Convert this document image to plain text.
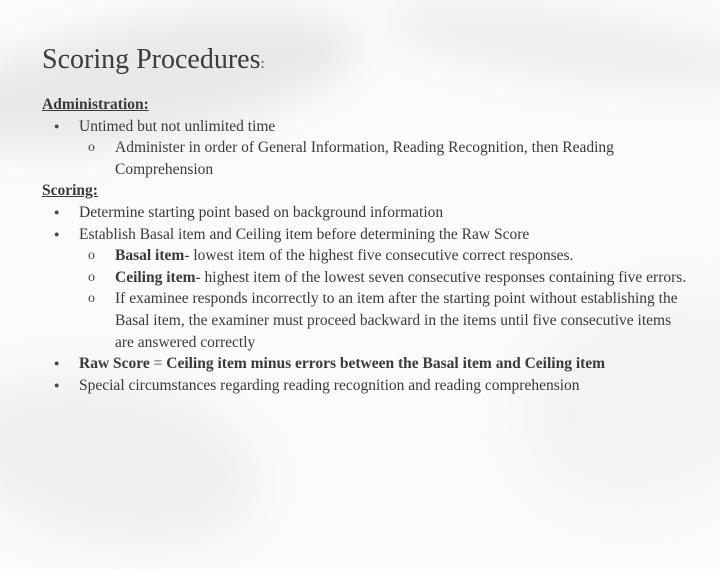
Scoring Procedures:

Administration:

● Untimed but not unlimited time
o Administer in order of General Information, Reading Recognition, then Reading Comprehension

Scoring:

● Determine starting point based on background information
● Establish Basal item and Ceiling item before determining the Raw Score
o Basal item- lowest item of the highest five consecutive correct responses.
o Ceiling item- highest item of the lowest seven consecutive responses containing five errors.
o If examinee responds incorrectly to an item after the starting point without establishing the Basal item, the examiner must proceed backward in the items until five consecutive items are answered correctly
● Raw Score = Ceiling item minus errors between the Basal item and Ceiling item
● Special circumstances regarding reading recognition and reading comprehension
